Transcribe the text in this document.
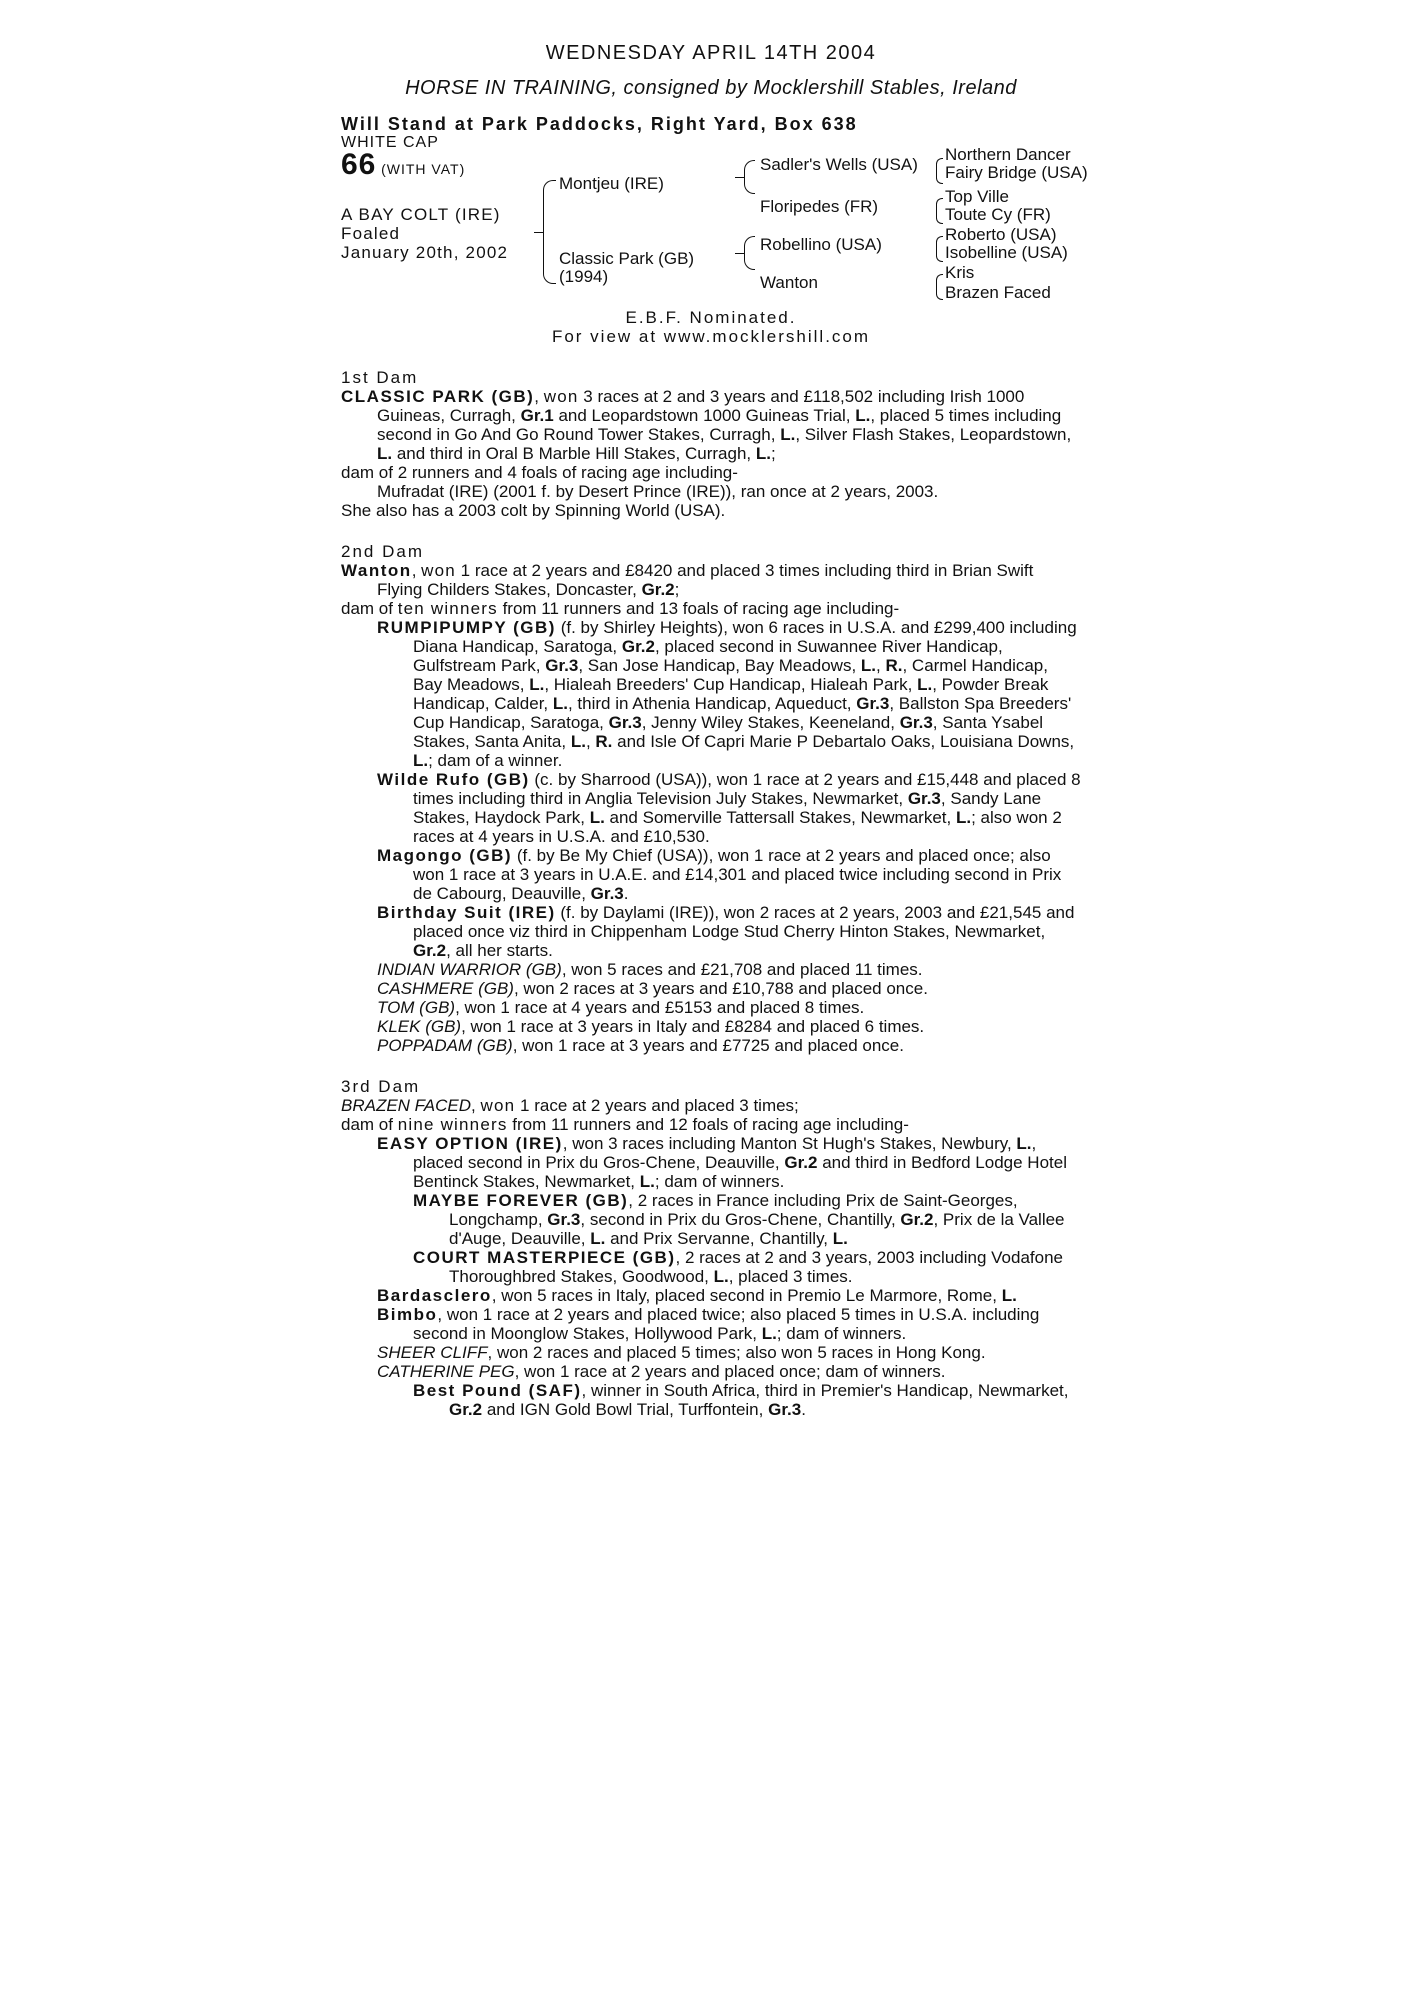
WEDNESDAY APRIL 14TH 2004
HORSE IN TRAINING, consigned by Mocklershill Stables, Ireland
Will Stand at Park Paddocks, Right Yard, Box 638
WHITE CAP
66 (WITH VAT)
A BAY COLT (IRE)
Foaled
January 20th, 2002
Montjeu (IRE)
Classic Park (GB)
(1994)
Sadler's Wells (USA)
Floripedes (FR)
Robellino (USA)
Wanton
Northern Dancer
Fairy Bridge (USA)
Top Ville
Toute Cy (FR)
Roberto (USA)
Isobelline (USA)
Kris
Brazen Faced
E.B.F. Nominated.
For view at www.mocklershill.com
1st Dam

CLASSIC PARK (GB), won 3 races at 2 and 3 years and £118,502 including Irish 1000 Guineas, Curragh, Gr.1 and Leopardstown 1000 Guineas Trial, L., placed 5 times including second in Go And Go Round Tower Stakes, Curragh, L., Silver Flash Stakes, Leopardstown, L. and third in Oral B Marble Hill Stakes, Curragh, L.;

dam of 2 runners and 4 foals of racing age including-

Mufradat (IRE) (2001 f. by Desert Prince (IRE)), ran once at 2 years, 2003.

She also has a 2003 colt by Spinning World (USA).

2nd Dam

Wanton, won 1 race at 2 years and £8420 and placed 3 times including third in Brian Swift Flying Childers Stakes, Doncaster, Gr.2;

dam of ten winners from 11 runners and 13 foals of racing age including-

RUMPIPUMPY (GB) (f. by Shirley Heights), won 6 races in U.S.A. and £299,400 including Diana Handicap, Saratoga, Gr.2, placed second in Suwannee River Handicap, Gulfstream Park, Gr.3, San Jose Handicap, Bay Meadows, L., R., Carmel Handicap, Bay Meadows, L., Hialeah Breeders' Cup Handicap, Hialeah Park, L., Powder Break Handicap, Calder, L., third in Athenia Handicap, Aqueduct, Gr.3, Ballston Spa Breeders' Cup Handicap, Saratoga, Gr.3, Jenny Wiley Stakes, Keeneland, Gr.3, Santa Ysabel Stakes, Santa Anita, L., R. and Isle Of Capri Marie P Debartalo Oaks, Louisiana Downs, L.; dam of a winner.

Wilde Rufo (GB) (c. by Sharrood (USA)), won 1 race at 2 years and £15,448 and placed 8 times including third in Anglia Television July Stakes, Newmarket, Gr.3, Sandy Lane Stakes, Haydock Park, L. and Somerville Tattersall Stakes, Newmarket, L.; also won 2 races at 4 years in U.S.A. and £10,530.

Magongo (GB) (f. by Be My Chief (USA)), won 1 race at 2 years and placed once; also won 1 race at 3 years in U.A.E. and £14,301 and placed twice including second in Prix de Cabourg, Deauville, Gr.3.

Birthday Suit (IRE) (f. by Daylami (IRE)), won 2 races at 2 years, 2003 and £21,545 and placed once viz third in Chippenham Lodge Stud Cherry Hinton Stakes, Newmarket, Gr.2, all her starts.

INDIAN WARRIOR (GB), won 5 races and £21,708 and placed 11 times.

CASHMERE (GB), won 2 races at 3 years and £10,788 and placed once.

TOM (GB), won 1 race at 4 years and £5153 and placed 8 times.

KLEK (GB), won 1 race at 3 years in Italy and £8284 and placed 6 times.

POPPADAM (GB), won 1 race at 3 years and £7725 and placed once.

3rd Dam

BRAZEN FACED, won 1 race at 2 years and placed 3 times;

dam of nine winners from 11 runners and 12 foals of racing age including-

EASY OPTION (IRE), won 3 races including Manton St Hugh's Stakes, Newbury, L., placed second in Prix du Gros-Chene, Deauville, Gr.2 and third in Bedford Lodge Hotel Bentinck Stakes, Newmarket, L.; dam of winners.

MAYBE FOREVER (GB), 2 races in France including Prix de Saint-Georges, Longchamp, Gr.3, second in Prix du Gros-Chene, Chantilly, Gr.2, Prix de la Vallee d'Auge, Deauville, L. and Prix Servanne, Chantilly, L.

COURT MASTERPIECE (GB), 2 races at 2 and 3 years, 2003 including Vodafone Thoroughbred Stakes, Goodwood, L., placed 3 times.

Bardasclero, won 5 races in Italy, placed second in Premio Le Marmore, Rome, L.

Bimbo, won 1 race at 2 years and placed twice; also placed 5 times in U.S.A. including second in Moonglow Stakes, Hollywood Park, L.; dam of winners.

SHEER CLIFF, won 2 races and placed 5 times; also won 5 races in Hong Kong.

CATHERINE PEG, won 1 race at 2 years and placed once; dam of winners.

Best Pound (SAF), winner in South Africa, third in Premier's Handicap, Newmarket, Gr.2 and IGN Gold Bowl Trial, Turffontein, Gr.3.
